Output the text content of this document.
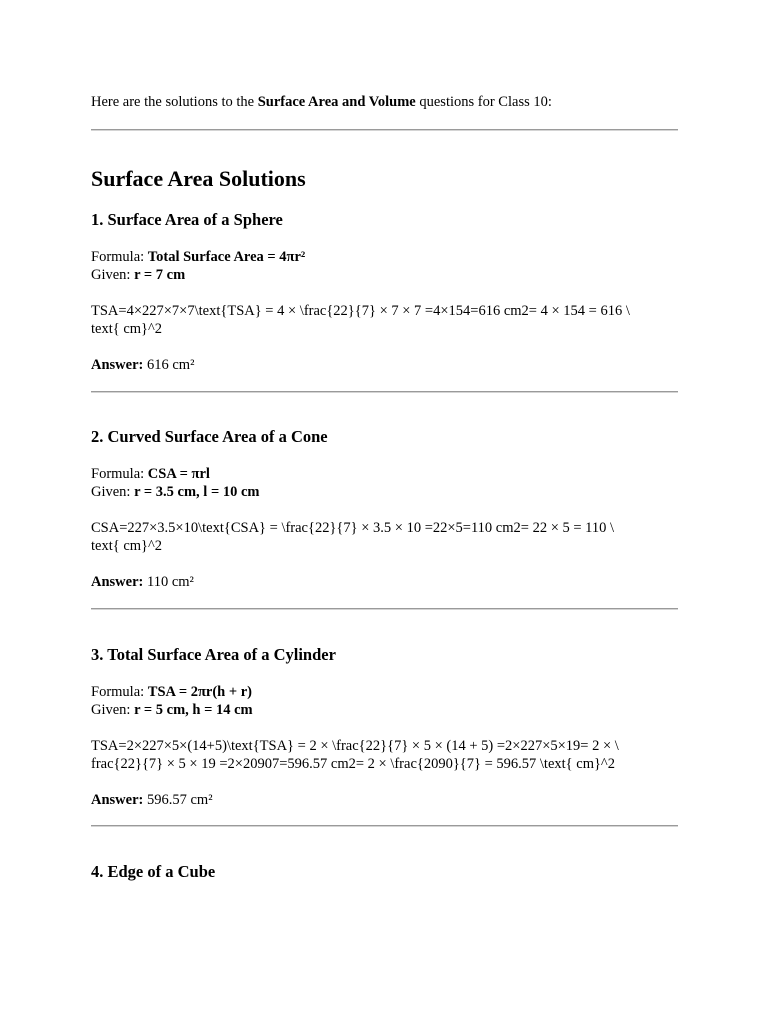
Here are the solutions to the Surface Area and Volume questions for Class 10:
Surface Area Solutions
1. Surface Area of a Sphere
Formula: Total Surface Area = 4πr²
Given: r = 7 cm
TSA=4×227×7×7\text{TSA} = 4 × \frac{22}{7} × 7 × 7 =4×154=616 cm2= 4 × 154 = 616 \
text{ cm}^2
Answer: 616 cm²
2. Curved Surface Area of a Cone
Formula: CSA = πrl
Given: r = 3.5 cm, l = 10 cm
CSA=227×3.5×10\text{CSA} = \frac{22}{7} × 3.5 × 10 =22×5=110 cm2= 22 × 5 = 110 \
text{ cm}^2
Answer: 110 cm²
3. Total Surface Area of a Cylinder
Formula: TSA = 2πr(h + r)
Given: r = 5 cm, h = 14 cm
TSA=2×227×5×(14+5)\text{TSA} = 2 × \frac{22}{7} × 5 × (14 + 5) =2×227×5×19= 2 × \
frac{22}{7} × 5 × 19 =2×20907=596.57 cm2= 2 × \frac{2090}{7} = 596.57 \text{ cm}^2
Answer: 596.57 cm²
4. Edge of a Cube
